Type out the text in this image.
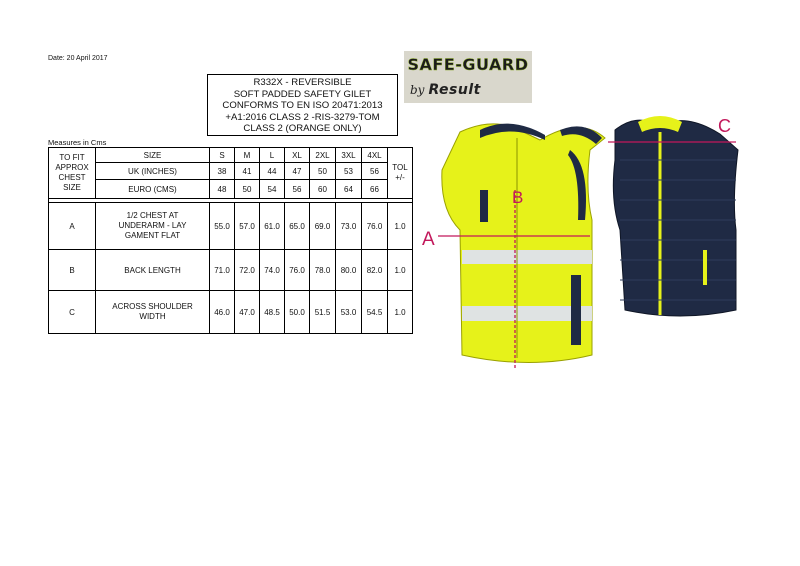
Date: 20 April 2017
R332X - REVERSIBLE
SOFT PADDED SAFETY GILET
CONFORMS TO EN ISO 20471:2013
+A1:2016 CLASS 2 -RIS-3279-TOM
CLASS 2 (ORANGE ONLY)
SAFE-GUARD
by Result
Measures in Cms
TO FIT APPROX CHEST SIZE	SIZE	S	M	L	XL	2XL	3XL	4XL	TOL +/-
	UK (INCHES)	38	41	44	47	50	53	56	
	EURO (CMS)	48	50	54	56	60	64	66	

A	1/2 CHEST AT UNDERARM - LAY GAMENT FLAT	55.0	57.0	61.0	65.0	69.0	73.0	76.0	1.0
B	BACK LENGTH	71.0	72.0	74.0	76.0	78.0	80.0	82.0	1.0
C	ACROSS SHOULDER WIDTH	46.0	47.0	48.5	50.0	51.5	53.0	54.5	1.0
A
B
C
